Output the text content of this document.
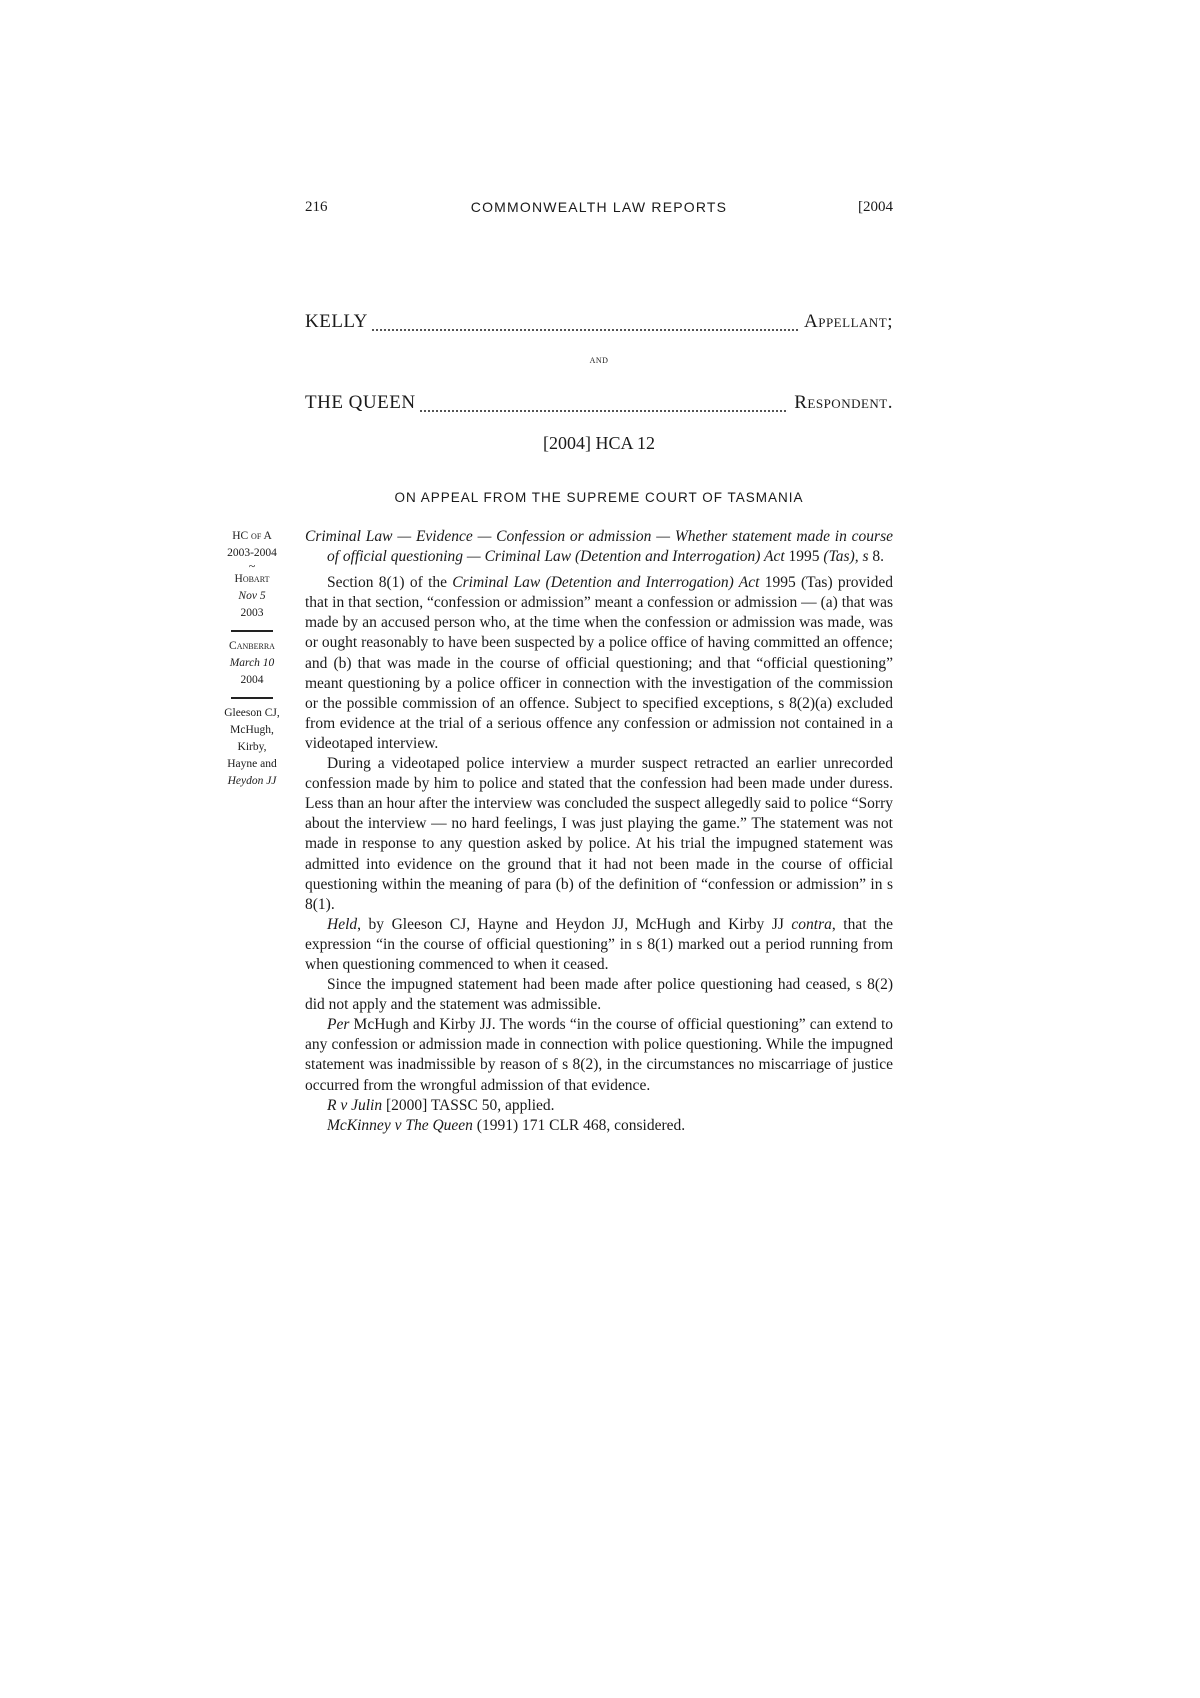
216	COMMONWEALTH LAW REPORTS	[2004
KELLY	Appellant;
and
THE QUEEN	Respondent.
[2004] HCA 12
ON APPEAL FROM THE SUPREME COURT OF TASMANIA
HC of A
2003-2004
~
Hobart
Nov 5
2003
Canberra
March 10
2004
Gleeson CJ,
McHugh,
Kirby,
Hayne and
Heydon JJ

Criminal Law — Evidence — Confession or admission — Whether statement made in course of official questioning — Criminal Law (Detention and Interrogation) Act 1995 (Tas), s 8.

Section 8(1) of the Criminal Law (Detention and Interrogation) Act 1995 (Tas) provided that in that section, “confession or admission” meant a confession or admission — (a) that was made by an accused person who, at the time when the confession or admission was made, was or ought reasonably to have been suspected by a police office of having committed an offence; and (b) that was made in the course of official questioning; and that “official questioning” meant questioning by a police officer in connection with the investigation of the commission or the possible commission of an offence. Subject to specified exceptions, s 8(2)(a) excluded from evidence at the trial of a serious offence any confession or admission not contained in a videotaped interview.

During a videotaped police interview a murder suspect retracted an earlier unrecorded confession made by him to police and stated that the confession had been made under duress. Less than an hour after the interview was concluded the suspect allegedly said to police “Sorry about the interview — no hard feelings, I was just playing the game.” The statement was not made in response to any question asked by police. At his trial the impugned statement was admitted into evidence on the ground that it had not been made in the course of official questioning within the meaning of para (b) of the definition of “confession or admission” in s 8(1).

Held, by Gleeson CJ, Hayne and Heydon JJ, McHugh and Kirby JJ contra, that the expression “in the course of official questioning” in s 8(1) marked out a period running from when questioning commenced to when it ceased.

Since the impugned statement had been made after police questioning had ceased, s 8(2) did not apply and the statement was admissible.

Per McHugh and Kirby JJ. The words “in the course of official questioning” can extend to any confession or admission made in connection with police questioning. While the impugned statement was inadmissible by reason of s 8(2), in the circumstances no miscarriage of justice occurred from the wrongful admission of that evidence.

R v Julin [2000] TASSC 50, applied.

McKinney v The Queen (1991) 171 CLR 468, considered.
